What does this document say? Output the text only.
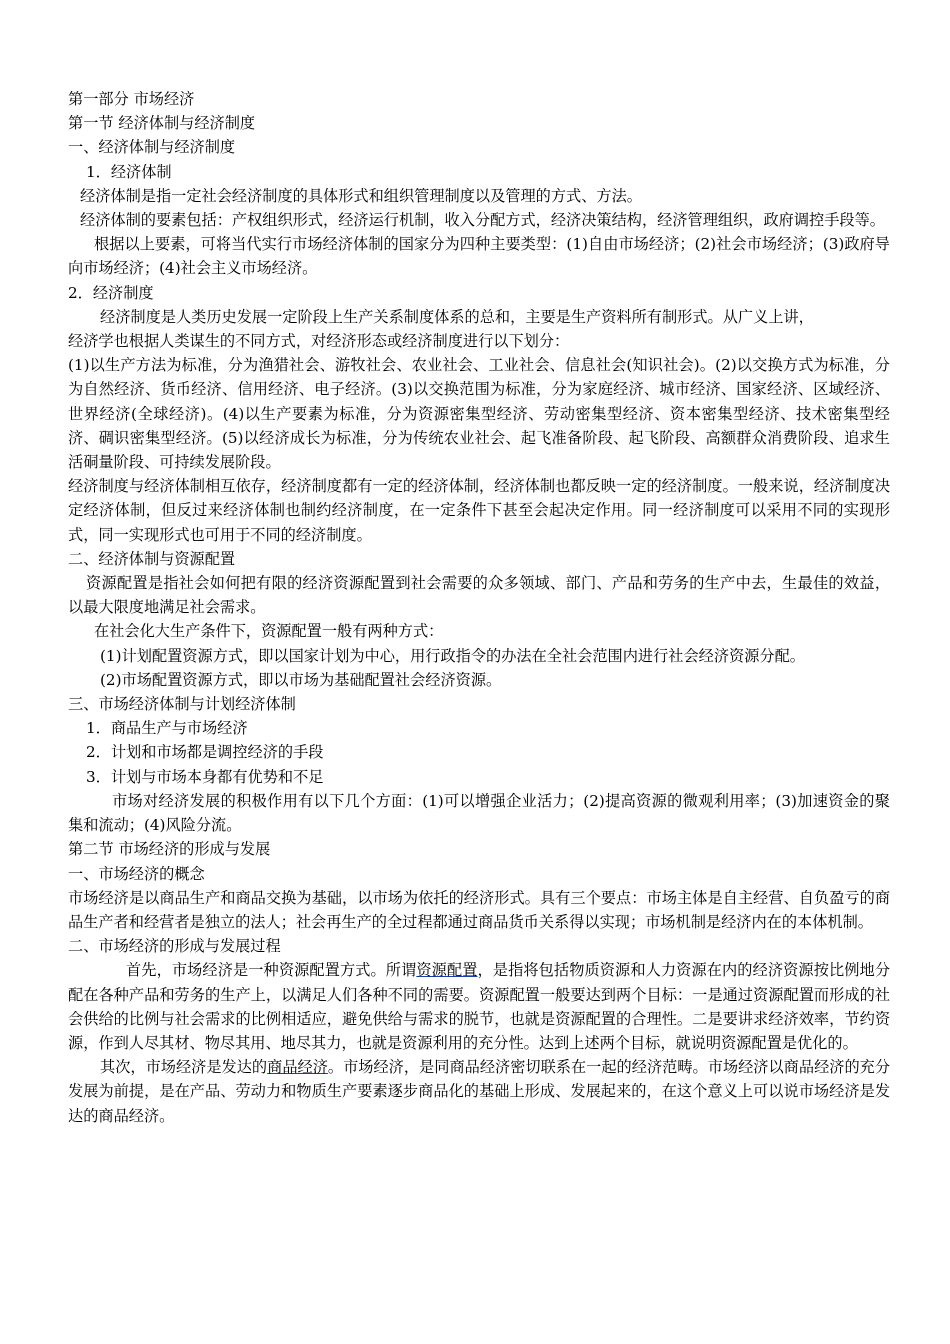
第一部分 市场经济

第一节 经济体制与经济制度

一、经济体制与经济制度

1．经济体制

经济体制是指一定社会经济制度的具体形式和组织管理制度以及管理的方式、方法。

经济体制的要素包括：产权组织形式，经济运行机制，收入分配方式，经济决策结构，经济管理组织，政府调控手段等。

根据以上要素，可将当代实行市场经济体制的国家分为四种主要类型：(1)自由市场经济；(2)社会市场经济；(3)政府导向市场经济；(4)社会主义市场经济。

2．经济制度

经济制度是人类历史发展一定阶段上生产关系制度体系的总和，主要是生产资料所有制形式。从广义上讲，

经济学也根据人类谋生的不同方式，对经济形态或经济制度进行以下划分：

(1)以生产方法为标准，分为渔猎社会、游牧社会、农业社会、工业社会、信息社会(知识社会)。(2)以交换方式为标准，分为自然经济、货币经济、信用经济、电子经济。(3)以交换范围为标准，分为家庭经济、城市经济、国家经济、区域经济、世界经济(全球经济)。(4)以生产要素为标准，分为资源密集型经济、劳动密集型经济、资本密集型经济、技术密集型经济、碉识密集型经济。(5)以经济成长为标准，分为传统农业社会、起飞准备阶段、起飞阶段、高额群众消费阶段、追求生活硐量阶段、可持续发展阶段。

经济制度与经济体制相互依存，经济制度都有一定的经济体制，经济体制也都反映一定的经济制度。一般来说，经济制度决定经济体制，但反过来经济体制也制约经济制度，在一定条件下甚至会起决定作用。同一经济制度可以采用不同的实现形式，同一实现形式也可用于不同的经济制度。

二、经济体制与资源配置

资源配置是指社会如何把有限的经济资源配置到社会需要的众多领域、部门、产品和劳务的生产中去，生最佳的效益，以最大限度地满足社会需求。

在社会化大生产条件下，资源配置一般有两种方式：

(1)计划配置资源方式，即以国家计划为中心，用行政指令的办法在全社会范围内进行社会经济资源分配。

(2)市场配置资源方式，即以市场为基础配置社会经济资源。

三、市场经济体制与计划经济体制

1．商品生产与市场经济

2．计划和市场都是调控经济的手段

3．计划与市场本身都有优势和不足

市场对经济发展的积极作用有以下几个方面：(1)可以增强企业活力；(2)提高资源的微观利用率；(3)加速资金的聚集和流动；(4)风险分流。

第二节 市场经济的形成与发展

一、市场经济的概念

市场经济是以商品生产和商品交换为基础，以市场为依托的经济形式。具有三个要点：市场主体是自主经营、自负盈亏的商品生产者和经营者是独立的法人；社会再生产的全过程都通过商品货币关系得以实现；市场机制是经济内在的本体机制。

二、市场经济的形成与发展过程

首先，市场经济是一种资源配置方式。所谓资源配置，是指将包括物质资源和人力资源在内的经济资源按比例地分配在各种产品和劳务的生产上，以满足人们各种不同的需要。资源配置一般要达到两个目标：一是通过资源配置而形成的社会供给的比例与社会需求的比例相适应，避免供给与需求的脱节，也就是资源配置的合理性。二是要讲求经济效率，节约资源，作到人尽其材、物尽其用、地尽其力，也就是资源利用的充分性。达到上述两个目标，就说明资源配置是优化的。

其次，市场经济是发达的商品经济。市场经济，是同商品经济密切联系在一起的经济范畴。市场经济以商品经济的充分发展为前提，是在产品、劳动力和物质生产要素逐步商品化的基础上形成、发展起来的，在这个意义上可以说市场经济是发达的商品经济。
